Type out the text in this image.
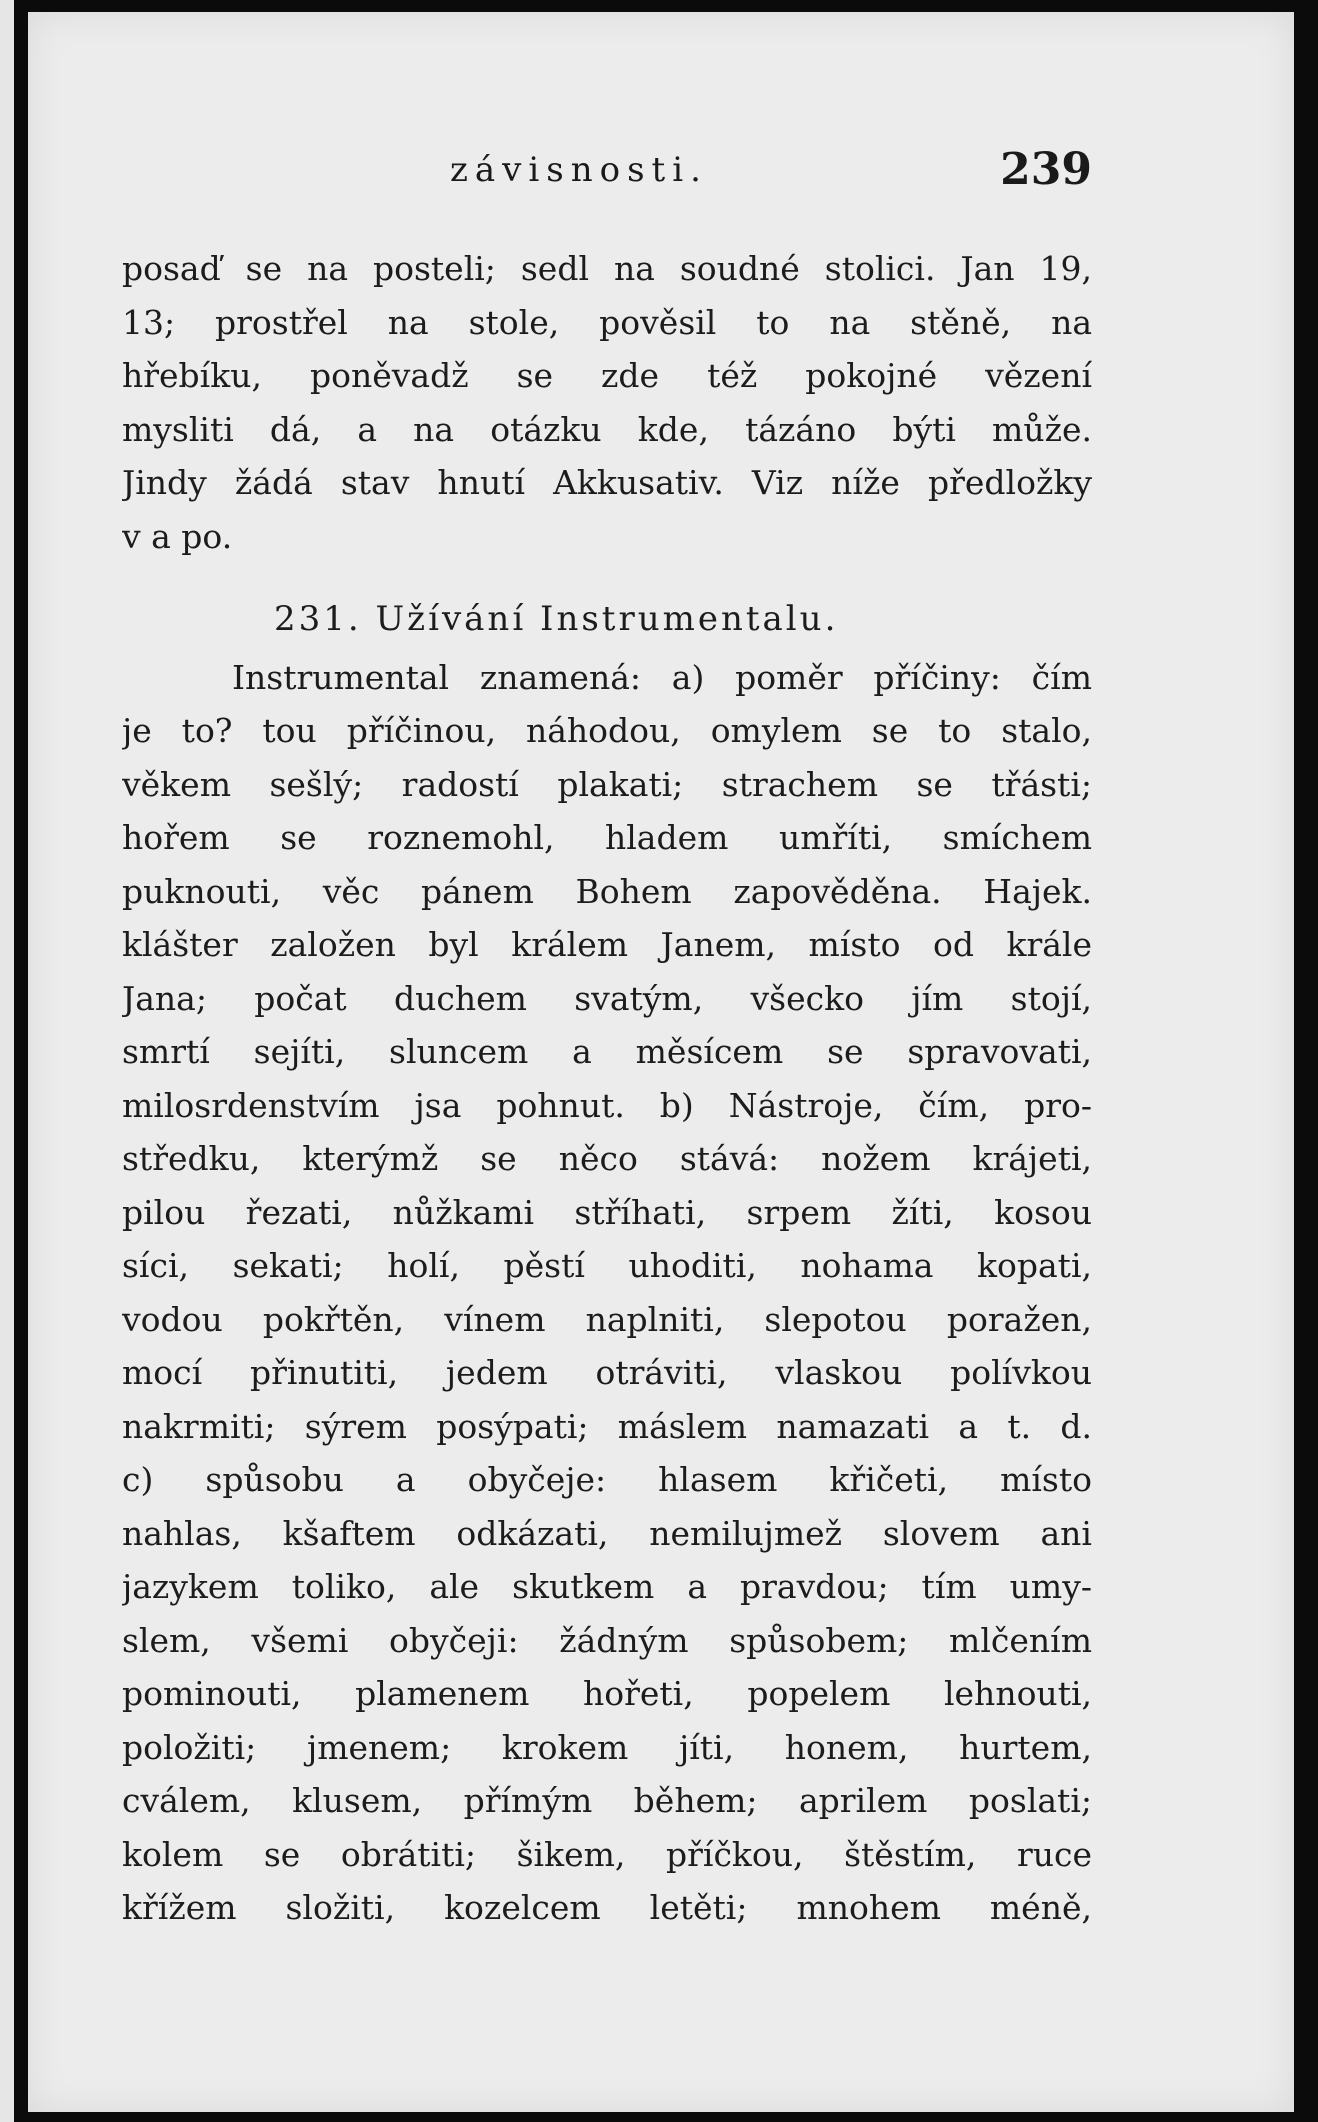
závisnosti.	239
posaď se na posteli; sedl na soudné stolici. Jan 19,
13; prostřel na stole, pověsil to na stěně, na
hřebíku, poněvadž se zde též pokojné vězení
mysliti dá, a na otázku kde, tázáno býti může.
Jindy žádá stav hnutí Akkusativ. Viz níže předložky
v a po.
231. Užívání Instrumentalu.
Instrumental znamená: a) poměr příčiny: čím
je to? tou příčinou, náhodou, omylem se to stalo,
věkem sešlý; radostí plakati; strachem se třásti;
hořem se roznemohl, hladem umříti, smíchem
puknouti, věc pánem Bohem zapověděna. Hajek.
klášter založen byl králem Janem, místo od krále
Jana; počat duchem svatým, všecko jím stojí,
smrtí sejíti, sluncem a měsícem se spravovati,
milosrdenstvím jsa pohnut. b) Nástroje, čím, pro-
středku, kterýmž se něco stává: nožem krájeti,
pilou řezati, nůžkami stříhati, srpem žíti, kosou
síci, sekati; holí, pěstí uhoditi, nohama kopati,
vodou pokřtěn, vínem naplniti, slepotou poražen,
mocí přinutiti, jedem otráviti, vlaskou polívkou
nakrmiti; sýrem posýpati; máslem namazati a t. d.
c) spůsobu a obyčeje: hlasem křičeti, místo
nahlas, kšaftem odkázati, nemilujmež slovem ani
jazykem toliko, ale skutkem a pravdou; tím umy-
slem, všemi obyčeji: žádným spůsobem; mlčením
pominouti, plamenem hořeti, popelem lehnouti,
položiti; jmenem; krokem jíti, honem, hurtem,
cválem, klusem, přímým během; aprilem poslati;
kolem se obrátiti; šikem, příčkou, štěstím, ruce
křížem složiti, kozelcem letěti; mnohem méně,
